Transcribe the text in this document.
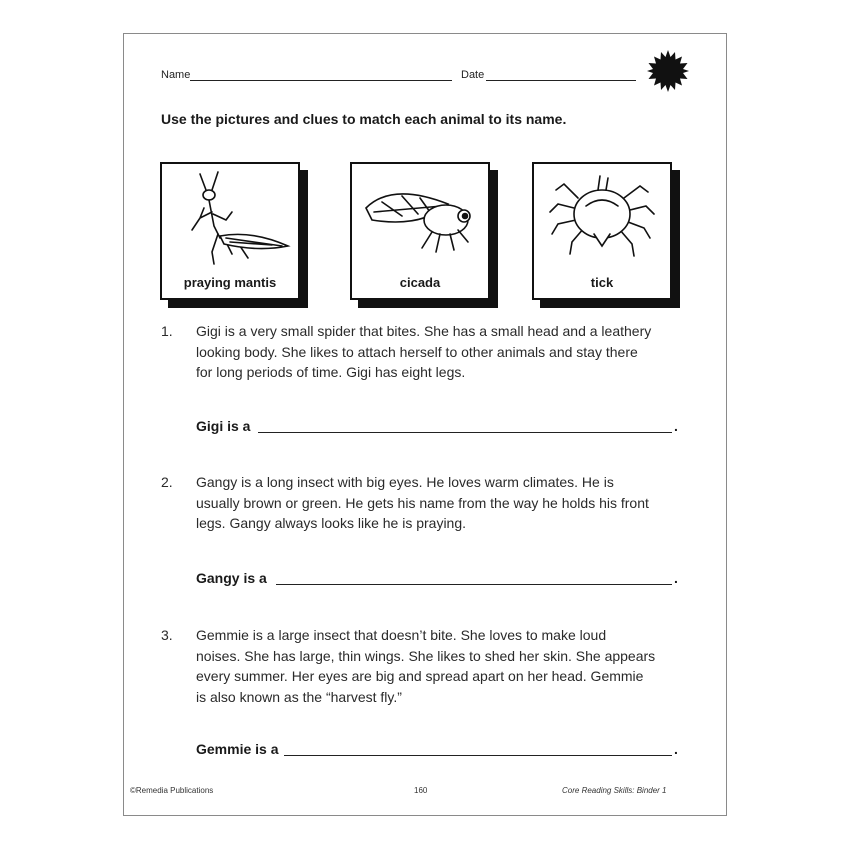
Name	Date
Use the pictures and clues to match each animal to its name.
praying mantis	cicada	tick
1.	Gigi is a very small spider that bites. She has a small head and a leathery
looking body. She likes to attach herself to other animals and stay there
for long periods of time. Gigi has eight legs.
Gigi is a	.
2.	Gangy is a long insect with big eyes. He loves warm climates. He is
usually brown or green. He gets his name from the way he holds his front
legs. Gangy always looks like he is praying.
Gangy is a	.
3.	Gemmie is a large insect that doesn’t bite. She loves to make loud
noises. She has large, thin wings. She likes to shed her skin. She appears
every summer. Her eyes are big and spread apart on her head. Gemmie
is also known as the “harvest fly.”
Gemmie is a	.
©Remedia Publications	160	Core Reading Skills: Binder 1
